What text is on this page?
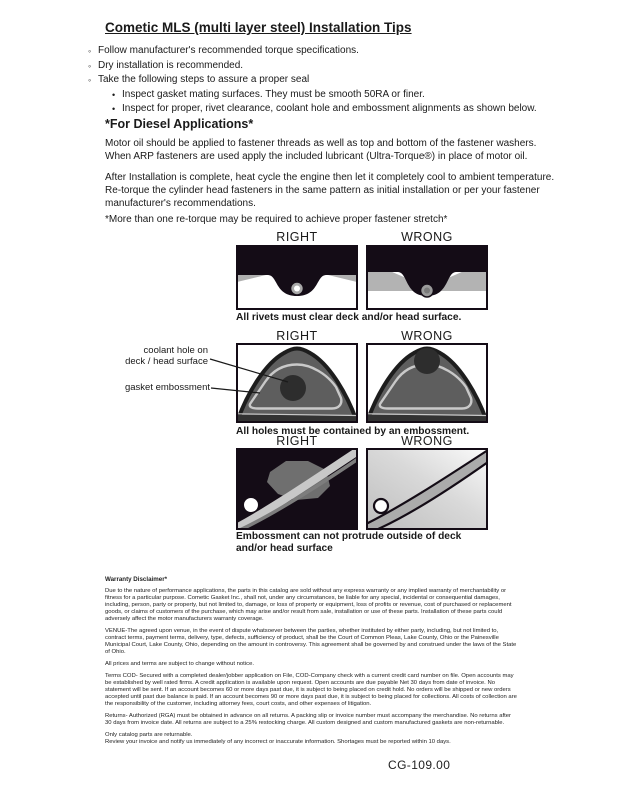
Cometic MLS (multi layer steel) Installation Tips
◦ Follow manufacturer's recommended torque specifications.
◦ Dry installation is recommended.
◦ Take the following steps to assure a proper seal
• Inspect gasket mating surfaces. They must be smooth 50RA or finer.
• Inspect for proper, rivet clearance, coolant hole and embossment alignments as shown below.
*For Diesel Applications*
Motor oil should be applied to fastener threads as well as top and bottom of the fastener washers. When ARP fasteners are used apply the included lubricant (Ultra-Torque®) in place of motor oil.
After Installation is complete, heat cycle the engine then let it completely cool to ambient temperature. Re-torque the cylinder head fasteners in the same pattern as initial installation or per your fastener manufacturer's recommendations.
*More than one re-torque may be required to achieve proper fastener stretch*
RIGHT	WRONG
All rivets must clear deck and/or head surface.
RIGHT	WRONG
coolant hole on
deck / head surface
gasket embossment
All holes must be contained by an embossment.
RIGHT	WRONG
Embossment can not protrude outside of deck
and/or head surface
Warranty Disclaimer*

Due to the nature of performance applications, the parts in this catalog are sold without any express warranty or any implied warranty of merchantability or fitness for a particular purpose. Cometic Gasket Inc., shall not, under any circumstances, be liable for any special, incidental or consequential damages, including, person, party or property, but not limited to, damage, or loss of property or equipment, loss of profits or revenue, cost of purchased or replacement goods, or claims of customers of the purchase, which may arise and/or result from sale, installation or use of these parts. Installation of these parts could adversely affect the motor manufacturers warranty coverage.

VENUE-The agreed upon venue, in the event of dispute whatsoever between the parties, whether instituted by either party, including, but not limited to, contract terms, payment terms, delivery, type, defects, sufficiency of product, shall be the Court of Common Pleas, Lake County, Ohio or the Painesville Municipal Court, Lake County, Ohio, depending on the amount in controversy. This agreement shall be governed by and construed under the laws of the State of Ohio.

All prices and terms are subject to change without notice.

Terms COD- Secured with a completed dealer/jobber application on File, COD-Company check with a current credit card number on file. Open accounts may be established by well rated firms. A credit application is available upon request. Open accounts are due payable Net 30 days from date of invoice. No statement will be sent. If an account becomes 60 or more days past due, it is subject to being placed on credit hold. No orders will be shipped or new orders accepted until past due balance is paid. If an account becomes 90 or more days past due, it is subject to being placed for collections. All costs of collection are the responsibility of the customer, including attorney fees, court costs, and other expenses of litigation.

Returns- Authorized (RGA) must be obtained in advance on all returns. A packing slip or invoice number must accompany the merchandise. No returns after 30 days from invoice date. All returns are subject to a 25% restocking charge. All custom designed and custom manufactured gaskets are non-returnable.

Only catalog parts are returnable.

Review your invoice and notify us immediately of any incorrect or inaccurate information. Shortages must be reported within 10 days.

CG-109.00
